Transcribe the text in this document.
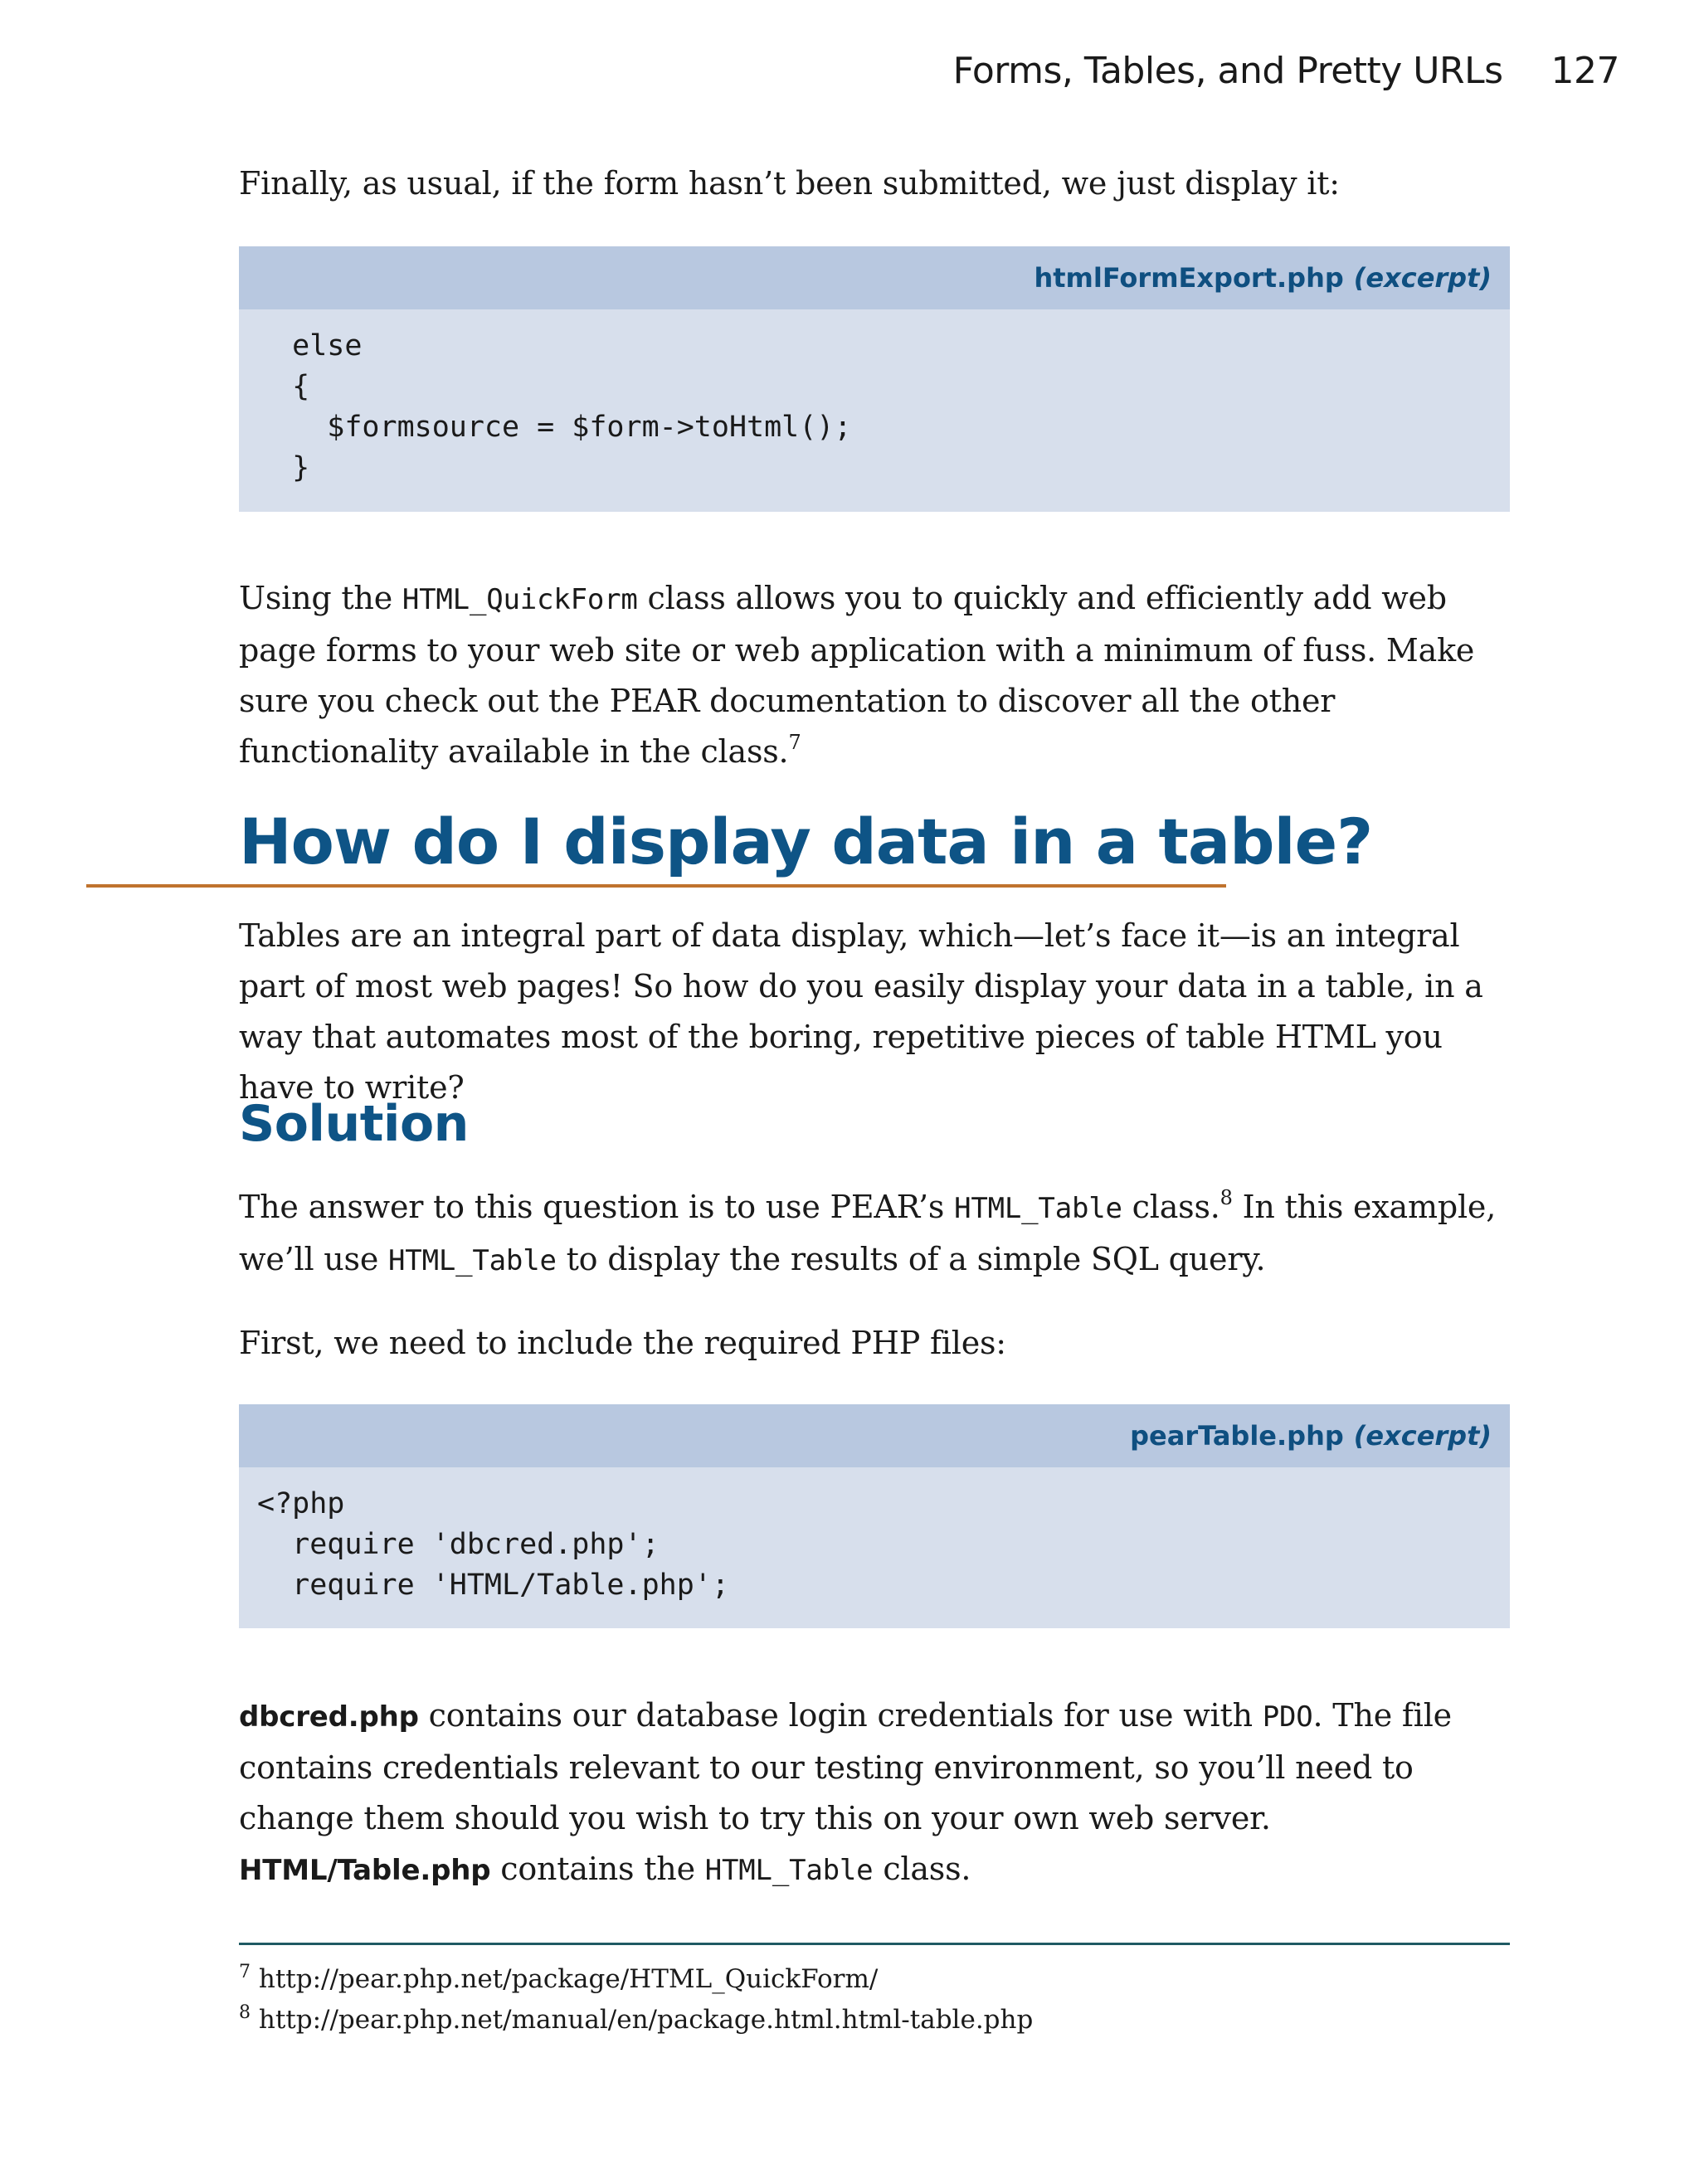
Forms, Tables, and Pretty URLs 127

Finally, as usual, if the form hasn’t been submitted, we just display it:

htmlFormExport.php (excerpt)
else
{
$formsource = $form->toHtml();
}

Using the HTML_QuickForm class allows you to quickly and efficiently add web page forms to your web site or web application with a minimum of fuss. Make sure you check out the PEAR documentation to discover all the other functionality available in the class.$^7$

How do I display data in a table?

Tables are an integral part of data display, which—let’s face it—is an integral part of most web pages! So how do you easily display your data in a table, in a way that automates most of the boring, repetitive pieces of table HTML you have to write?

Solution

The answer to this question is to use PEAR’s HTML_Table class.$^8$ In this example, we’ll use HTML_Table to display the results of a simple SQL query.

First, we need to include the required PHP files:

pearTable.php (excerpt)
<?php
require 'dbcred.php';
require 'HTML/Table.php';

dbcred.php contains our database login credentials for use with PDO. The file contains credentials relevant to our testing environment, so you’ll need to change them should you wish to try this on your own web server. HTML/Table.php contains the HTML_Table class.

$^7$ http://pear.php.net/package/HTML_QuickForm/

$^8$ http://pear.php.net/manual/en/package.html.html-table.php
